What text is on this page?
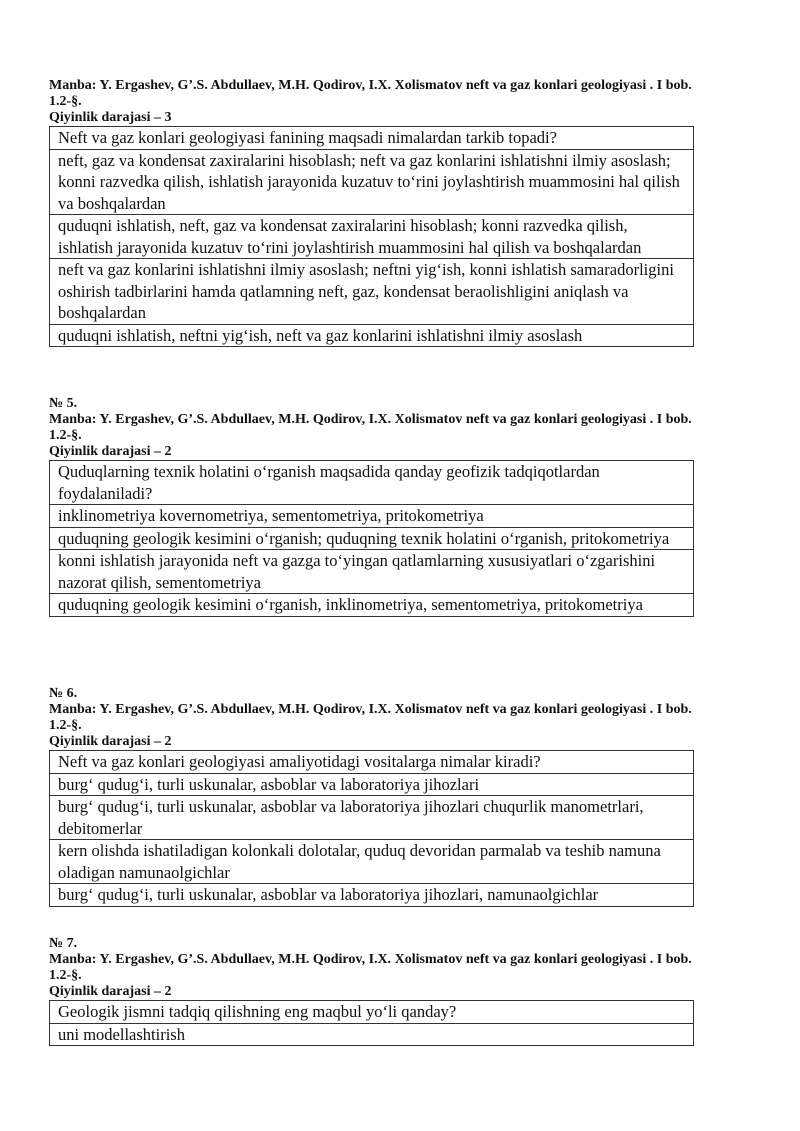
Manba: Y. Ergashev, G’.S. Abdullaev, M.H. Qodirov, I.X. Xolismatov neft va gaz konlari geologiyasi . I bob. 1.2-§.

Qiyinlik darajasi – 3

Neft va gaz konlari geologiyasi fanining maqsadi nimalardan tarkib topadi?
neft, gaz va kondensat zaxiralarini hisoblash; neft va gaz konlarini ishlatishni ilmiy asoslash; konni razvedka qilish, ishlatish jarayonida kuzatuv to‘rini joylashtirish muammosini hal qilish va boshqalardan
quduqni ishlatish, neft, gaz va kondensat zaxiralarini hisoblash; konni razvedka qilish, ishlatish jarayonida kuzatuv to‘rini joylashtirish muammosini hal qilish va boshqalardan
neft va gaz konlarini ishlatishni ilmiy asoslash; neftni yig‘ish, konni ishlatish samaradorligini oshirish tadbirlarini hamda qatlamning neft, gaz, kondensat beraolishligini aniqlash va boshqalardan
quduqni ishlatish, neftni yig‘ish, neft va gaz konlarini ishlatishni ilmiy asoslash

№ 5.

Manba: Y. Ergashev, G’.S. Abdullaev, M.H. Qodirov, I.X. Xolismatov neft va gaz konlari geologiyasi . I bob. 1.2-§.

Qiyinlik darajasi – 2

Quduqlarning texnik holatini o‘rganish maqsadida qanday geofizik tadqiqotlardan foydalaniladi?
inklinometriya kovernometriya, sementometriya, pritokometriya
quduqning geologik kesimini o‘rganish; quduqning texnik holatini o‘rganish, pritokometriya
konni ishlatish jarayonida neft va gazga to‘yingan qatlamlarning xususiyatlari o‘zgarishini nazorat qilish, sementometriya
quduqning geologik kesimini o‘rganish, inklinometriya, sementometriya, pritokometriya

№ 6.

Manba: Y. Ergashev, G’.S. Abdullaev, M.H. Qodirov, I.X. Xolismatov neft va gaz konlari geologiyasi . I bob. 1.2-§.

Qiyinlik darajasi – 2

Neft va gaz konlari geologiyasi amaliyotidagi vositalarga nimalar kiradi?
burg‘ qudug‘i, turli uskunalar, asboblar va laboratoriya jihozlari
burg‘ qudug‘i, turli uskunalar, asboblar va laboratoriya jihozlari chuqurlik manometrlari, debitomerlar
kern olishda ishatiladigan kolonkali dolotalar, quduq devoridan parmalab va teshib namuna oladigan namunaolgichlar
burg‘ qudug‘i, turli uskunalar, asboblar va laboratoriya jihozlari, namunaolgichlar

№ 7.

Manba: Y. Ergashev, G’.S. Abdullaev, M.H. Qodirov, I.X. Xolismatov neft va gaz konlari geologiyasi . I bob. 1.2-§.

Qiyinlik darajasi – 2

Geologik jismni tadqiq qilishning eng maqbul yo‘li qanday?
uni modellashtirish
